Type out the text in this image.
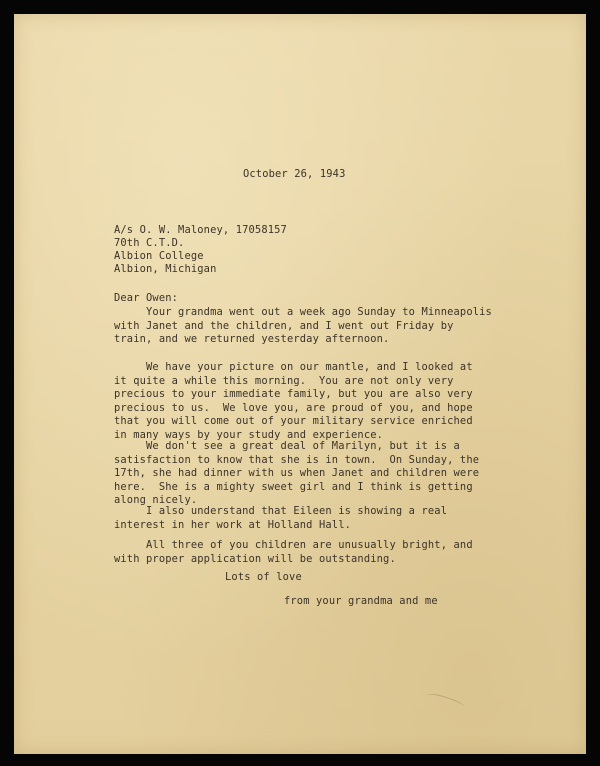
October 26, 1943
A/s O. W. Maloney, 17058157
70th C.T.D.
Albion College
Albion, Michigan
Dear Owen:
Your grandma went out a week ago Sunday to Minneapolis
with Janet and the children, and I went out Friday by
train, and we returned yesterday afternoon.
We have your picture on our mantle, and I looked at
it quite a while this morning.  You are not only very
precious to your immediate family, but you are also very
precious to us.  We love you, are proud of you, and hope
that you will come out of your military service enriched
in many ways by your study and experience.
We don't see a great deal of Marilyn, but it is a
satisfaction to know that she is in town.  On Sunday, the
17th, she had dinner with us when Janet and children were
here.  She is a mighty sweet girl and I think is getting
along nicely.
I also understand that Eileen is showing a real
interest in her work at Holland Hall.
All three of you children are unusually bright, and
with proper application will be outstanding.
Lots of love
from your grandma and me
